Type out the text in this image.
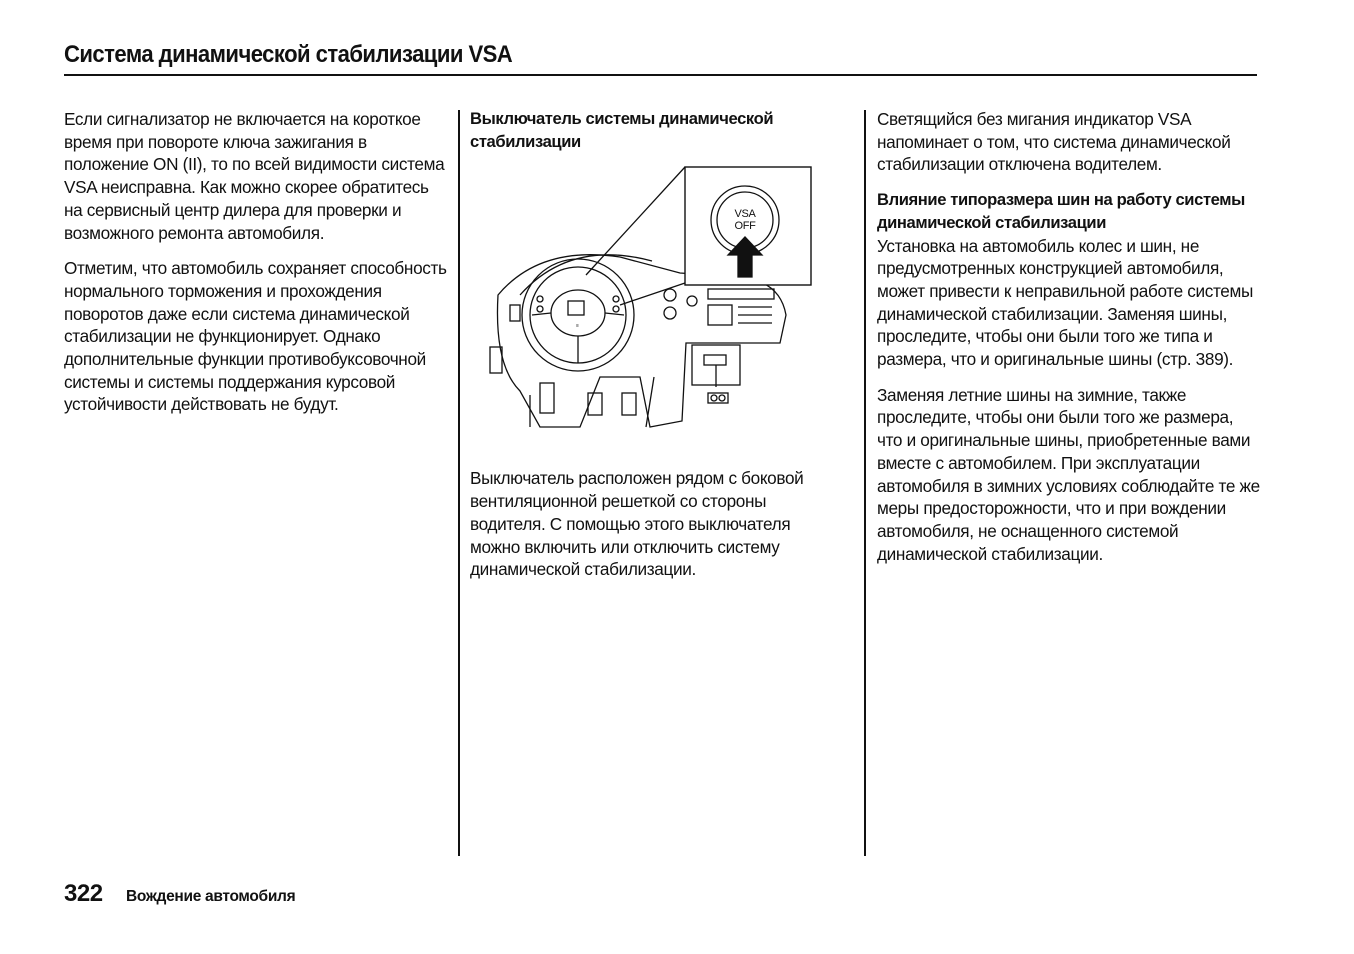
Система динамической стабилизации VSA

Если сигнализатор не включается на короткое время при повороте ключа зажигания в положение ON (II), то по всей видимости система VSA неисправна. Как можно скорее обратитесь на сервисный центр дилера для проверки и возможного ремонта автомобиля.

Отметим, что автомобиль сохраняет способность нормального торможения и прохождения поворотов даже если система динамической стабилизации не функционирует. Однако дополнительные функции противобуксовочной системы и системы поддержания курсовой устойчивости действовать не будут.

Выключатель системы динамической стабилизации
≡
VSA
OFF

Выключатель расположен рядом с боковой вентиляционной решеткой со стороны водителя. С помощью этого выключателя можно включить или отключить систему динамической стабилизации.

Светящийся без мигания индикатор VSA напоминает о том, что система динамической стабилизации отключена водителем.

Влияние типоразмера шин на работу системы динамической стабилизации
Установка на автомобиль колес и шин, не предусмотренных конструкцией автомобиля, может привести к неправильной работе системы динамической стабилизации. Заменяя шины, проследите, чтобы они были того же типа и размера, что и оригинальные шины (стр. 389).

Заменяя летние шины на зимние, также проследите, чтобы они были того же размера, что и оригинальные шины, приобретенные вами вместе с автомобилем. При эксплуатации автомобиля в зимних условиях соблюдайте те же меры предосторожности, что и при вождении автомобиля, не оснащенного системой динамической стабилизации.

322 Вождение автомобиля
